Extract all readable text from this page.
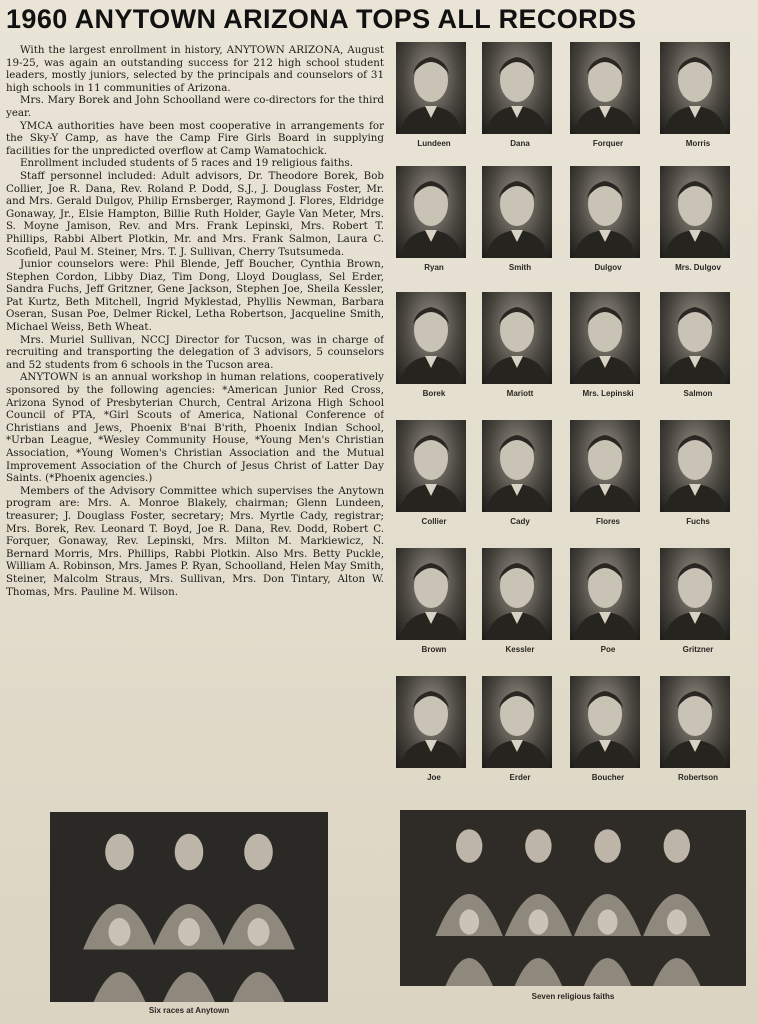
1960 ANYTOWN ARIZONA TOPS ALL RECORDS

With the largest enrollment in history, ANYTOWN ARIZONA, August 19-25, was again an outstanding success for 212 high school student leaders, mostly juniors, selected by the principals and counselors of 31 high schools in 11 communities of Arizona.

Mrs. Mary Borek and John Schoolland were co-directors for the third year.

YMCA authorities have been most cooperative in arrangements for the Sky-Y Camp, as have the Camp Fire Girls Board in supplying facilities for the unpredicted overflow at Camp Wamatochick.

Enrollment included students of 5 races and 19 religious faiths.

Staff personnel included: Adult advisors, Dr. Theodore Borek, Bob Collier, Joe R. Dana, Rev. Roland P. Dodd, S.J., J. Douglass Foster, Mr. and Mrs. Gerald Dulgov, Philip Ernsberger, Raymond J. Flores, Eldridge Gonaway, Jr., Elsie Hampton, Billie Ruth Holder, Gayle Van Meter, Mrs. S. Moyne Jamison, Rev. and Mrs. Frank Lepinski, Mrs. Robert T. Phillips, Rabbi Albert Plotkin, Mr. and Mrs. Frank Salmon, Laura C. Scofield, Paul M. Steiner, Mrs. T. J. Sullivan, Cherry Tsutsumeda.

Junior counselors were: Phil Blende, Jeff Boucher, Cynthia Brown, Stephen Cordon, Libby Diaz, Tim Dong, Lloyd Douglass, Sel Erder, Sandra Fuchs, Jeff Gritzner, Gene Jackson, Stephen Joe, Sheila Kessler, Pat Kurtz, Beth Mitchell, Ingrid Myklestad, Phyllis Newman, Barbara Oseran, Susan Poe, Delmer Rickel, Letha Robertson, Jacqueline Smith, Michael Weiss, Beth Wheat.

Mrs. Muriel Sullivan, NCCJ Director for Tucson, was in charge of recruiting and transporting the delegation of 3 advisors, 5 counselors and 52 students from 6 schools in the Tucson area.

ANYTOWN is an annual workshop in human relations, cooperatively sponsored by the following agencies: *American Junior Red Cross, Arizona Synod of Presbyterian Church, Central Arizona High School Council of PTA, *Girl Scouts of America, National Conference of Christians and Jews, Phoenix B'nai B'rith, Phoenix Indian School, *Urban League, *Wesley Community House, *Young Men's Christian Association, *Young Women's Christian Association and the Mutual Improvement Association of the Church of Jesus Christ of Latter Day Saints. (*Phoenix agencies.)

Members of the Advisory Committee which supervises the Anytown program are: Mrs. A. Monroe Blakely, chairman; Glenn Lundeen, treasurer; J. Douglass Foster, secretary; Mrs. Myrtle Cady, registrar; Mrs. Borek, Rev. Leonard T. Boyd, Joe R. Dana, Rev. Dodd, Robert C. Forquer, Gonaway, Rev. Lepinski, Mrs. Milton M. Markiewicz, N. Bernard Morris, Mrs. Phillips, Rabbi Plotkin. Also Mrs. Betty Puckle, William A. Robinson, Mrs. James P. Ryan, Schoolland, Helen May Smith, Steiner, Malcolm Straus, Mrs. Sullivan, Mrs. Don Tintary, Alton W. Thomas, Mrs. Pauline M. Wilson.

Lundeen	Dana	Forquer	Morris
Ryan	Smith	Dulgov	Mrs. Dulgov
Borek	Mariott	Mrs. Lepinski	Salmon
Collier	Cady	Flores	Fuchs
Brown	Kessler	Poe	Gritzner
Joe	Erder	Boucher	Robertson
Six races at Anytown
Seven religious faiths
